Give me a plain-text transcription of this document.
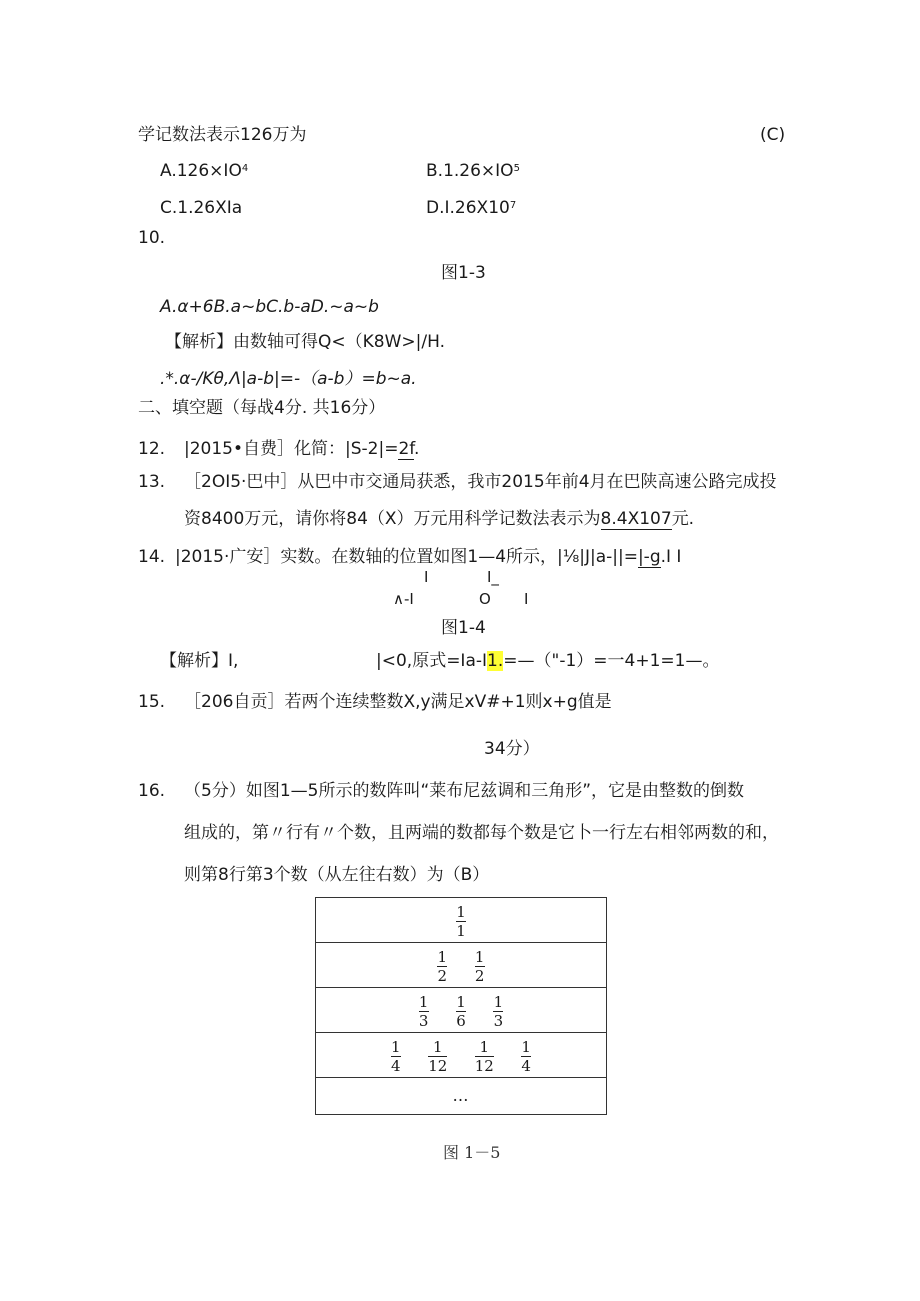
学记数法表示126万为	(C)
$A.126\times IO^4$	$B.1.26\times IO^5$
C.1.26XIa	$D.I.26X10^7$
10.
图1-3
A.α+6B.a~bC.b-aD.~a~b
【解析】由数轴可得Q<（K8W>|/H.
.*.α-/Kθ,Λ|a-b|=-（a-b）=b~a.
二、填空题（每战4分. 共16分）
12. |2015•自费］化简：|S-2|=2f.
13. ［2OI5·巴中］从巴中市交通局获悉，我市2015年前4月在巴陕高速公路完成投
资8400万元，请你将84（X）万元用科学记数法表示为8.4X107元.
14. |2015·广安］实数。在数轴的位置如图1—4所示，|⅛|J|a-||=|-g.I I
I	I_
∧-I	O I
图1-4
【解析】I,	|<0,原式=Ia-I1.=—（"-1）=一4+1=1—。
15. ［206自贡］若两个连续整数X,y满足xV#+1则x+g值是
34分）
16. （5分）如图1—5所示的数阵叫“莱布尼兹调和三角形”，它是由整数的倒数
组成的，第〃行有〃个数，且两端的数都每个数是它卜一行左右相邻两数的和，
则第8行第3个数（从左往右数）为（B）
$\frac{1}{1}$

$\frac{1}{2}$
$\frac{1}{2}$

$\frac{1}{3}$
$\frac{1}{6}$
$\frac{1}{3}$

$\frac{1}{4}$
$\frac{1}{12}$
$\frac{1}{12}$
$\frac{1}{4}$

…
图 1－5
